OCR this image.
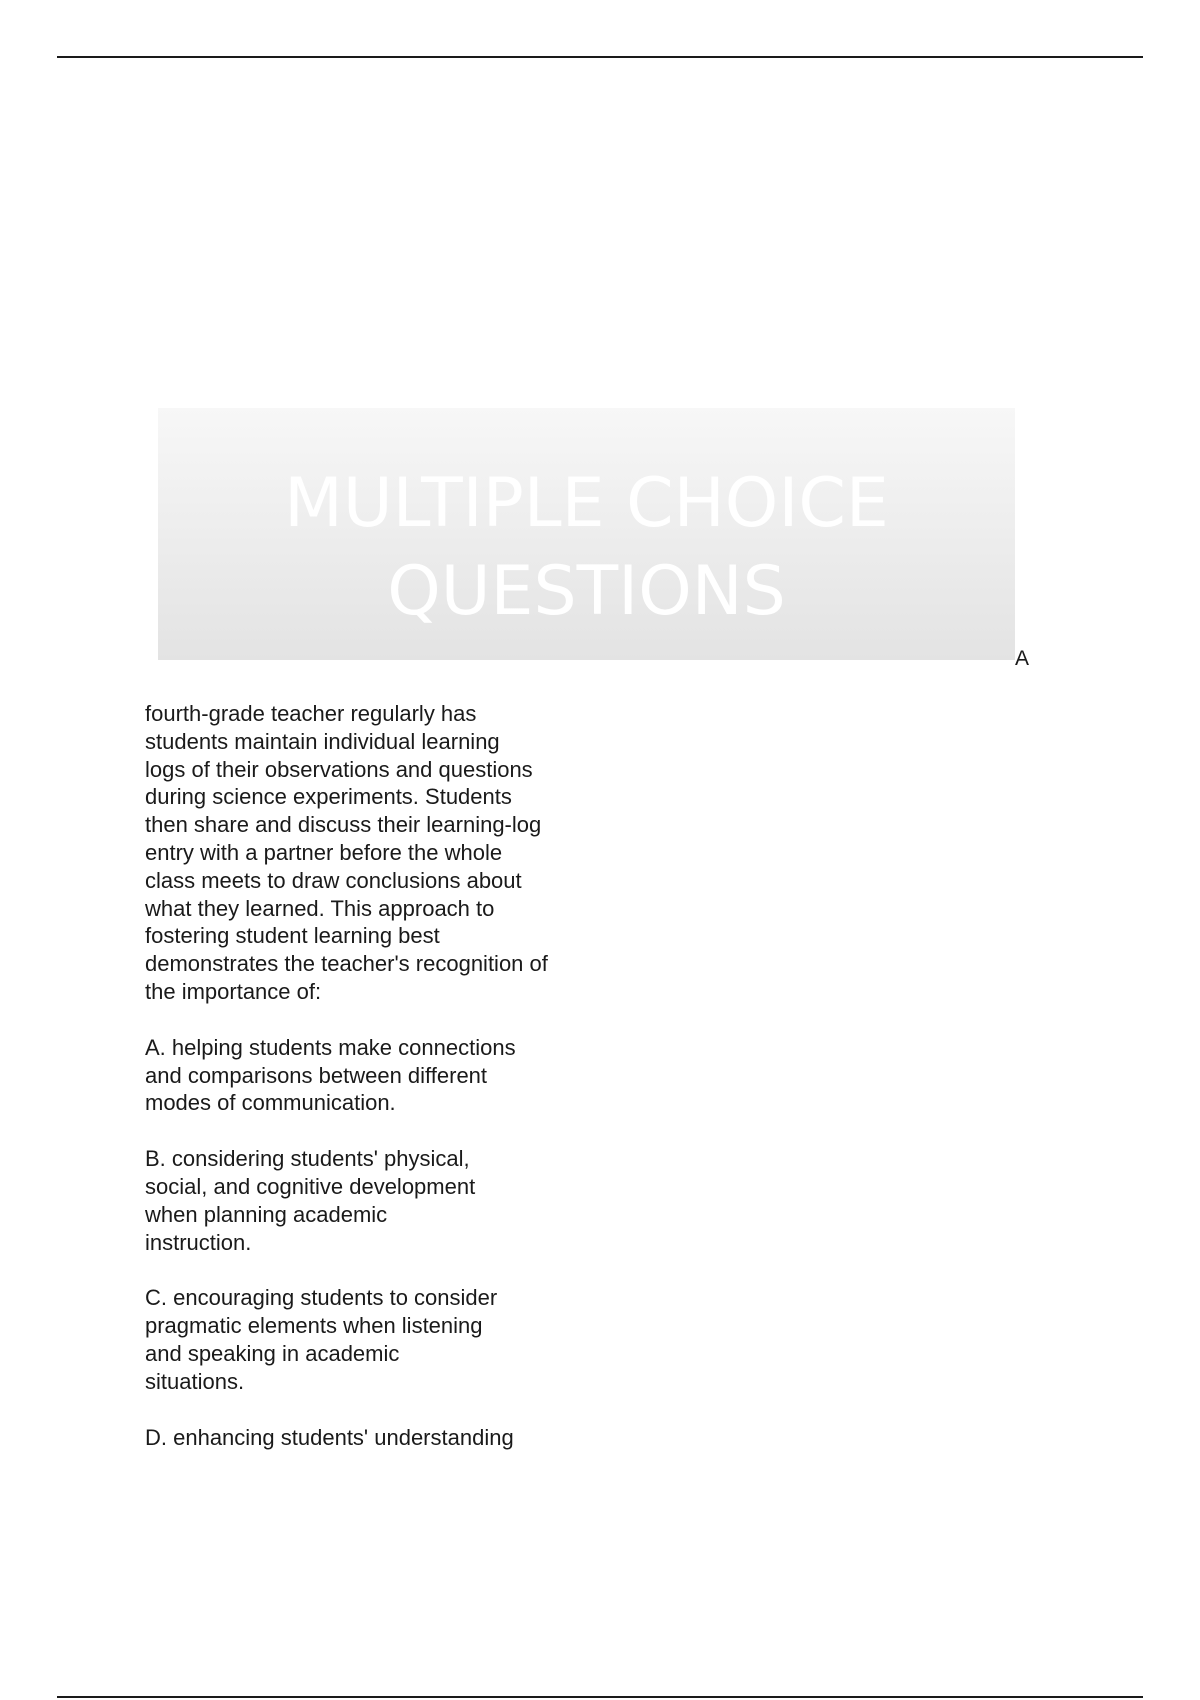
MULTIPLE CHOICE QUESTIONS
A

fourth-grade teacher regularly has
students maintain individual learning
logs of their observations and questions
during science experiments. Students
then share and discuss their learning-log
entry with a partner before the whole
class meets to draw conclusions about
what they learned. This approach to
fostering student learning best
demonstrates the teacher's recognition of
the importance of:

A. helping students make connections
and comparisons between different
modes of communication.

B. considering students' physical,
social, and cognitive development
when planning academic
instruction.

C. encouraging students to consider
pragmatic elements when listening
and speaking in academic
situations.

D. enhancing students' understanding
